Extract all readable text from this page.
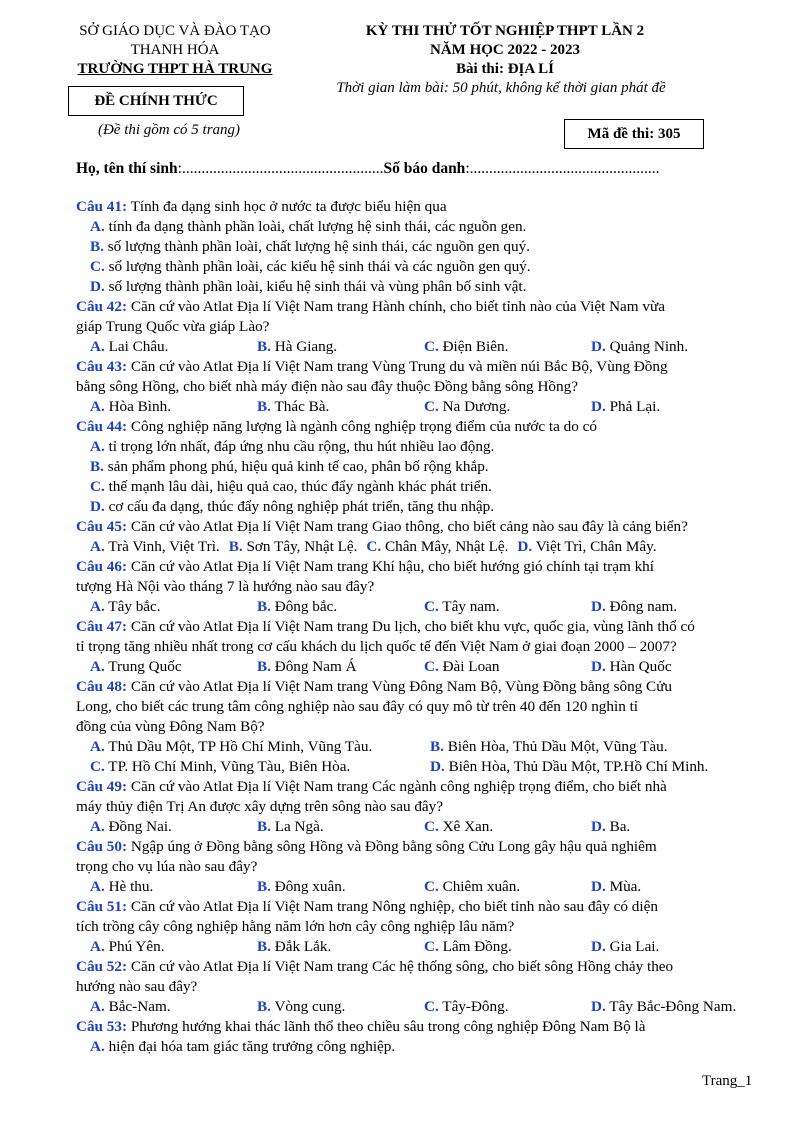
SỞ GIÁO DỤC VÀ ĐÀO TẠO
THANH HÓA
TRƯỜNG THPT HÀ TRUNG
ĐỀ CHÍNH THỨC
(Đề thi gồm có 5 trang)
KỲ THI THỬ TỐT NGHIỆP THPT LẦN 2
NĂM HỌC 2022 - 2023
Bài thi: ĐỊA LÍ
Thời gian làm bài: 50 phút, không kể thời gian phát đề
Mã đề thi: 305
Họ, tên thí sinh:....................................................Số báo danh:.................................................
Câu 41: Tính đa dạng sinh học ở nước ta được biểu hiện qua
A. tính đa dạng thành phần loài, chất lượng hệ sinh thái, các nguồn gen.
B. số lượng thành phần loài, chất lượng hệ sinh thái, các nguồn gen quý.
C. số lượng thành phần loài, các kiểu hệ sinh thái và các nguồn gen quý.
D. số lượng thành phần loài, kiểu hệ sinh thái và vùng phân bố sinh vật.
Câu 42: Căn cứ vào Atlat Địa lí Việt Nam trang Hành chính, cho biết tỉnh nào của Việt Nam vừa
giáp Trung Quốc vừa giáp Lào?
A. Lai Châu.	B. Hà Giang.	C. Điện Biên.	D. Quảng Ninh.
Câu 43: Căn cứ vào Atlat Địa lí Việt Nam trang Vùng Trung du và miền núi Bắc Bộ, Vùng Đồng
bằng sông Hồng, cho biết nhà máy điện nào sau đây thuộc Đồng bằng sông Hồng?
A. Hòa Bình.	B. Thác Bà.	C. Na Dương.	D. Phả Lại.
Câu 44: Công nghiệp năng lượng là ngành công nghiệp trọng điểm của nước ta do có
A. tỉ trọng lớn nhất, đáp ứng nhu cầu rộng, thu hút nhiều lao động.
B. sản phẩm phong phú, hiệu quả kinh tế cao, phân bố rộng khắp.
C. thế mạnh lâu dài, hiệu quả cao, thúc đẩy ngành khác phát triển.
D. cơ cấu đa dạng, thúc đẩy nông nghiệp phát triển, tăng thu nhập.
Câu 45: Căn cứ vào Atlat Địa lí Việt Nam trang Giao thông, cho biết cảng nào sau đây là cảng biển?
A. Trà Vinh, Việt Trì. B. Sơn Tây, Nhật Lệ. C. Chân Mây, Nhật Lệ. D. Việt Trì, Chân Mây.
Câu 46: Căn cứ vào Atlat Địa lí Việt Nam trang Khí hậu, cho biết hướng gió chính tại trạm khí
tượng Hà Nội vào tháng 7 là hướng nào sau đây?
A. Tây bắc.	B. Đông bắc.	C. Tây nam.	D. Đông nam.
Câu 47: Căn cứ vào Atlat Địa lí Việt Nam trang Du lịch, cho biết khu vực, quốc gia, vùng lãnh thổ có
tỉ trọng tăng nhiều nhất trong cơ cấu khách du lịch quốc tế đến Việt Nam ở giai đoạn 2000 – 2007?
A. Trung Quốc	B. Đông Nam Á	C. Đài Loan	D. Hàn Quốc
Câu 48: Căn cứ vào Atlat Địa lí Việt Nam trang Vùng Đông Nam Bộ, Vùng Đồng bằng sông Cửu
Long, cho biết các trung tâm công nghiệp nào sau đây có quy mô từ trên 40 đến 120 nghìn tỉ
đồng của vùng Đông Nam Bộ?
A. Thủ Dầu Một, TP Hồ Chí Minh, Vũng Tàu.	B. Biên Hòa, Thủ Dầu Một, Vũng Tàu.
C. TP. Hồ Chí Minh, Vũng Tàu, Biên Hòa.	D. Biên Hòa, Thủ Dầu Một, TP.Hồ Chí Minh.
Câu 49: Căn cứ vào Atlat Địa lí Việt Nam trang Các ngành công nghiệp trọng điểm, cho biết nhà
máy thủy điện Trị An được xây dựng trên sông nào sau đây?
A. Đồng Nai.	B. La Ngà.	C. Xê Xan.	D. Ba.
Câu 50: Ngập úng ở Đồng bằng sông Hồng và Đồng bằng sông Cửu Long gây hậu quả nghiêm
trọng cho vụ lúa nào sau đây?
A. Hè thu.	B. Đông xuân.	C. Chiêm xuân.	D. Mùa.
Câu 51: Căn cứ vào Atlat Địa lí Việt Nam trang Nông nghiệp, cho biết tỉnh nào sau đây có diện
tích trồng cây công nghiệp hằng năm lớn hơn cây công nghiệp lâu năm?
A. Phú Yên.	B. Đắk Lắk.	C. Lâm Đồng.	D. Gia Lai.
Câu 52: Căn cứ vào Atlat Địa lí Việt Nam trang Các hệ thống sông, cho biết sông Hồng chảy theo
hướng nào sau đây?
A. Bắc-Nam.	B. Vòng cung.	C. Tây-Đông.	D. Tây Bắc-Đông Nam.
Câu 53: Phương hướng khai thác lãnh thổ theo chiều sâu trong công nghiệp Đông Nam Bộ là
A. hiện đại hóa tam giác tăng trưởng công nghiệp.
Trang_1
